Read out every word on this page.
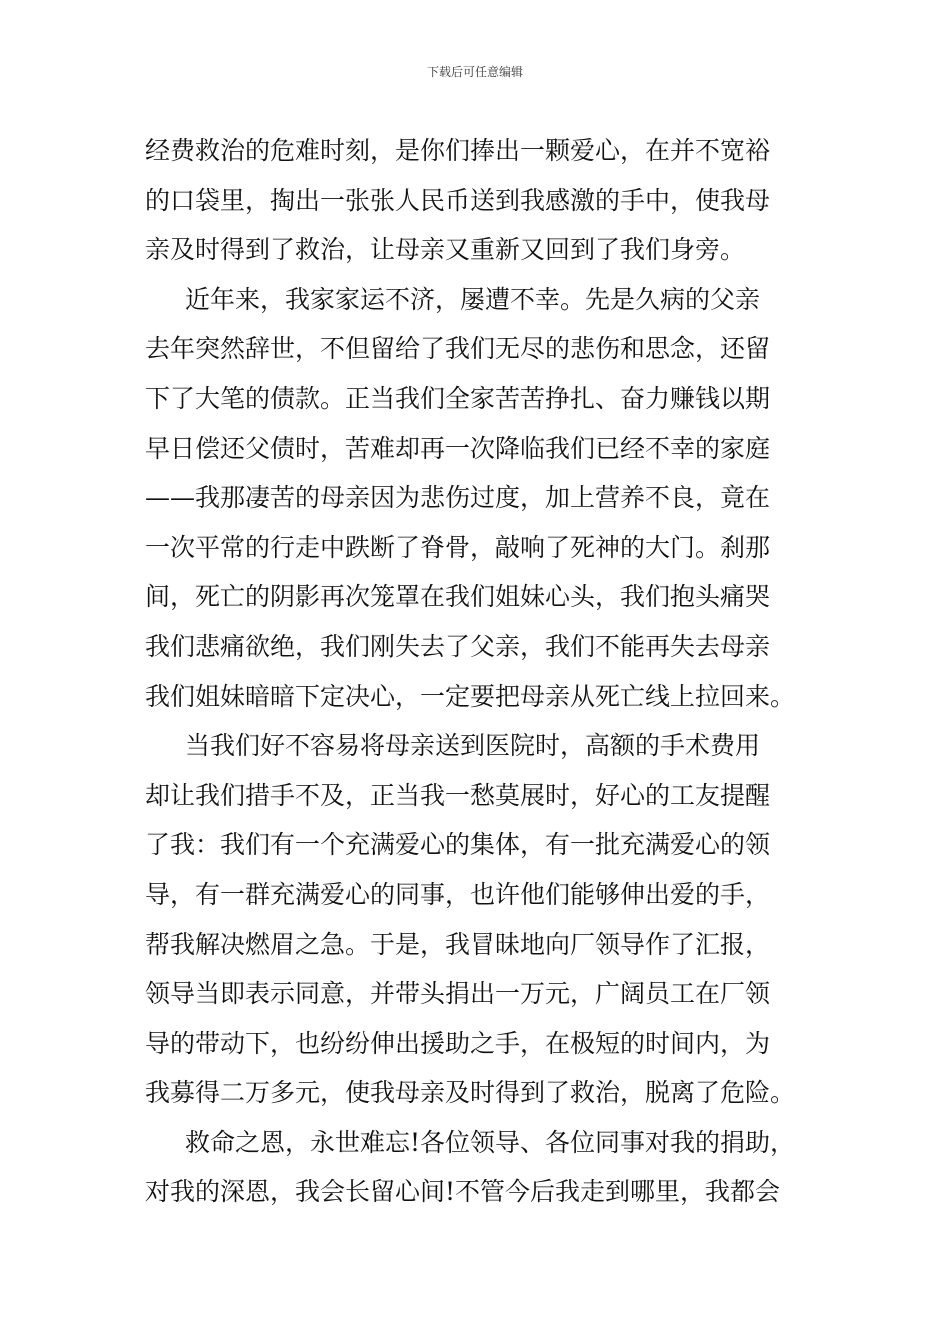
下载后可任意编辑
经费救治的危难时刻，是你们捧出一颗爱心，在并不宽裕
的口袋里，掏出一张张人民币送到我感激的手中，使我母
亲及时得到了救治，让母亲又重新又回到了我们身旁。
近年来，我家家运不济，屡遭不幸。先是久病的父亲
去年突然辞世，不但留给了我们无尽的悲伤和思念，还留
下了大笔的债款。正当我们全家苦苦挣扎、奋力赚钱以期
早日偿还父债时，苦难却再一次降临我们已经不幸的家庭
——我那凄苦的母亲因为悲伤过度，加上营养不良，竟在
一次平常的行走中跌断了脊骨，敲响了死神的大门。刹那
间，死亡的阴影再次笼罩在我们姐妹心头，我们抱头痛哭
我们悲痛欲绝，我们刚失去了父亲，我们不能再失去母亲
我们姐妹暗暗下定决心，一定要把母亲从死亡线上拉回来。
当我们好不容易将母亲送到医院时，高额的手术费用
却让我们措手不及，正当我一愁莫展时，好心的工友提醒
了我：我们有一个充满爱心的集体，有一批充满爱心的领
导，有一群充满爱心的同事，也许他们能够伸出爱的手，
帮我解决燃眉之急。于是，我冒昧地向厂领导作了汇报，
领导当即表示同意，并带头捐出一万元，广阔员工在厂领
导的带动下，也纷纷伸出援助之手，在极短的时间内，为
我募得二万多元，使我母亲及时得到了救治，脱离了危险。
救命之恩，永世难忘!各位领导、各位同事对我的捐助，
对我的深恩，我会长留心间!不管今后我走到哪里，我都会
